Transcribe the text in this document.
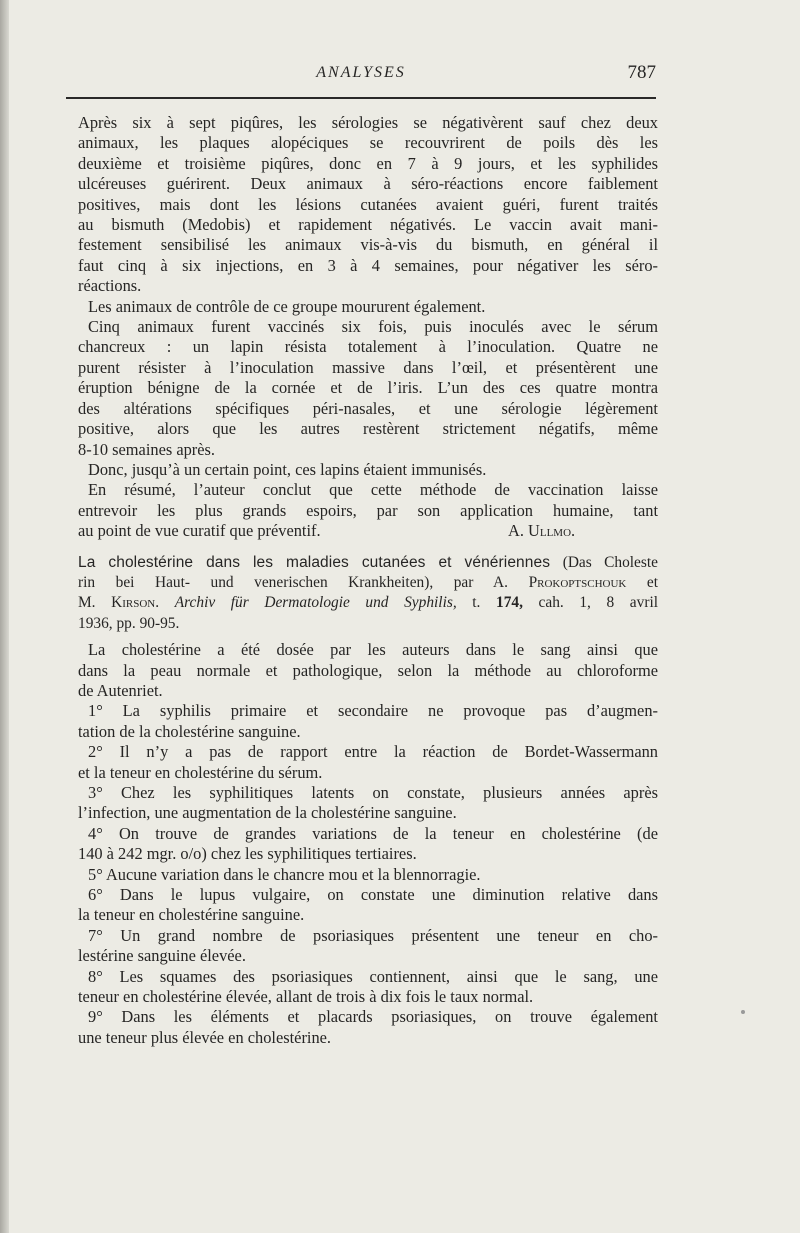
ANALYSES	787

Après six à sept piqûres, les sérologies se négativèrent sauf chez deux
animaux, les plaques alopéciques se recouvrirent de poils dès les
deuxième et troisième piqûres, donc en 7 à 9 jours, et les syphilides
ulcéreuses guérirent. Deux animaux à séro-réactions encore faiblement
positives, mais dont les lésions cutanées avaient guéri, furent traités
au bismuth (Medobis) et rapidement négativés. Le vaccin avait mani-
festement sensibilisé les animaux vis-à-vis du bismuth, en général il
faut cinq à six injections, en 3 à 4 semaines, pour négativer les séro-
réactions.

Les animaux de contrôle de ce groupe moururent également.

Cinq animaux furent vaccinés six fois, puis inoculés avec le sérum
chancreux : un lapin résista totalement à l’inoculation. Quatre ne
purent résister à l’inoculation massive dans l’œil, et présentèrent une
éruption bénigne de la cornée et de l’iris. L’un des ces quatre montra
des altérations spécifiques péri-nasales, et une sérologie légèrement
positive, alors que les autres restèrent strictement négatifs, même
8-10 semaines après.

Donc, jusqu’à un certain point, ces lapins étaient immunisés.

En résumé, l’auteur conclut que cette méthode de vaccination laisse
entrevoir les plus grands espoirs, par son application humaine, tant
au point de vue curatif que préventif.	A. Ullmo.

La cholestérine dans les maladies cutanées et vénériennes (Das Choleste
rin bei Haut- und venerischen Krankheiten), par A. Prokoptschouk et
M. Kirson. Archiv für Dermatologie und Syphilis, t. 174, cah. 1, 8 avril
1936, pp. 90-95.

La cholestérine a été dosée par les auteurs dans le sang ainsi que
dans la peau normale et pathologique, selon la méthode au chloroforme
de Autenriet.

1° La syphilis primaire et secondaire ne provoque pas d’augmen-
tation de la cholestérine sanguine.

2° Il n’y a pas de rapport entre la réaction de Bordet-Wassermann
et la teneur en cholestérine du sérum.

3° Chez les syphilitiques latents on constate, plusieurs années après
l’infection, une augmentation de la cholestérine sanguine.

4° On trouve de grandes variations de la teneur en cholestérine (de
140 à 242 mgr. o/o) chez les syphilitiques tertiaires.

5° Aucune variation dans le chancre mou et la blennorragie.

6° Dans le lupus vulgaire, on constate une diminution relative dans
la teneur en cholestérine sanguine.

7° Un grand nombre de psoriasiques présentent une teneur en cho-
lestérine sanguine élevée.

8° Les squames des psoriasiques contiennent, ainsi que le sang, une
teneur en cholestérine élevée, allant de trois à dix fois le taux normal.

9° Dans les éléments et placards psoriasiques, on trouve également
une teneur plus élevée en cholestérine.
